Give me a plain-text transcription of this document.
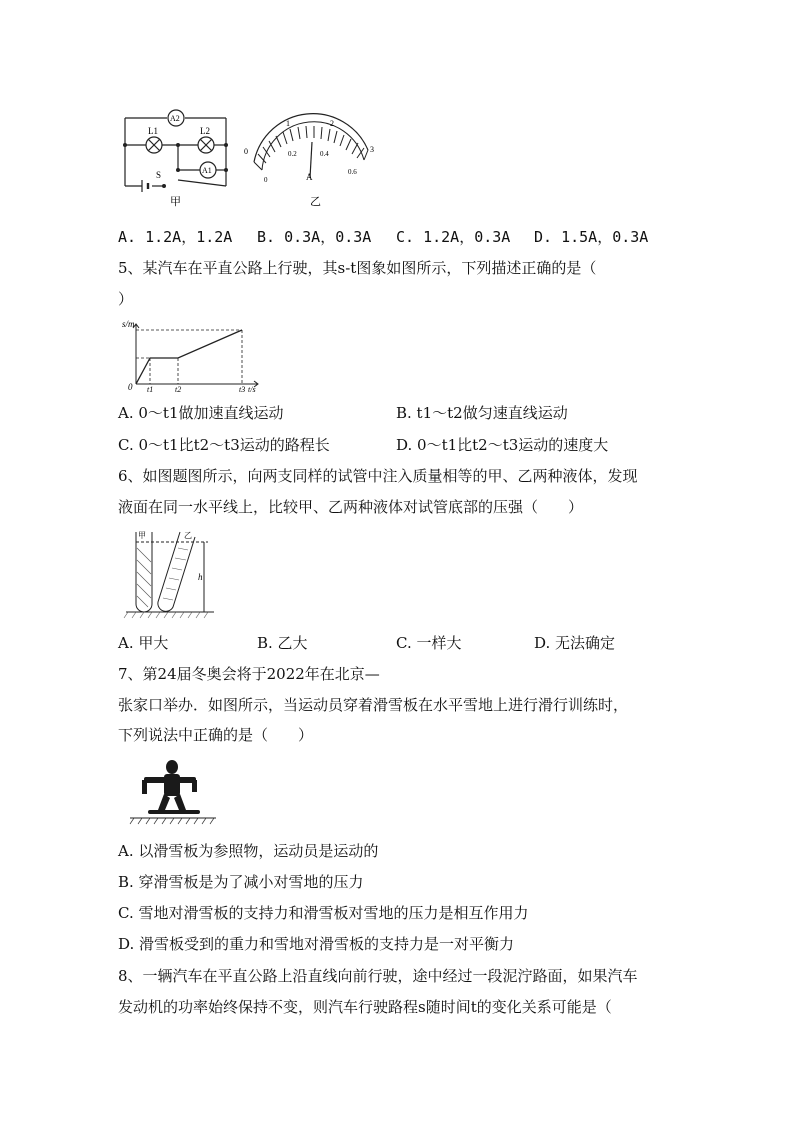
A2
A1
L1	L2
S
甲
0
1	2
3
0
0.2	0.4
0.6
A
乙
A. 1.2A，1.2A B. 0.3A，0.3A C. 1.2A，0.3A D. 1.5A，0.3A
5、某汽车在平直公路上行驶，其s-t图象如图所示，下列描述正确的是（
）
s/m
0 t1	t2	t3 t/s
A. 0～t1做加速直线运动	B. t1～t2做匀速直线运动
C. 0～t1比t2～t3运动的路程长	D. 0～t1比t2～t3运动的速度大
6、如图题图所示，向两支同样的试管中注入质量相等的甲、乙两种液体，发现
液面在同一水平线上，比较甲、乙两种液体对试管底部的压强（　　）
甲	乙
h
A. 甲大	B. 乙大	C. 一样大	D. 无法确定
7、第24届冬奥会将于2022年在北京—
张家口举办．如图所示，当运动员穿着滑雪板在水平雪地上进行滑行训练时，
下列说法中正确的是（　　）
A. 以滑雪板为参照物，运动员是运动的
B. 穿滑雪板是为了减小对雪地的压力
C. 雪地对滑雪板的支持力和滑雪板对雪地的压力是相互作用力
D. 滑雪板受到的重力和雪地对滑雪板的支持力是一对平衡力
8、一辆汽车在平直公路上沿直线向前行驶，途中经过一段泥泞路面，如果汽车
发动机的功率始终保持不变，则汽车行驶路程s随时间t的变化关系可能是（
